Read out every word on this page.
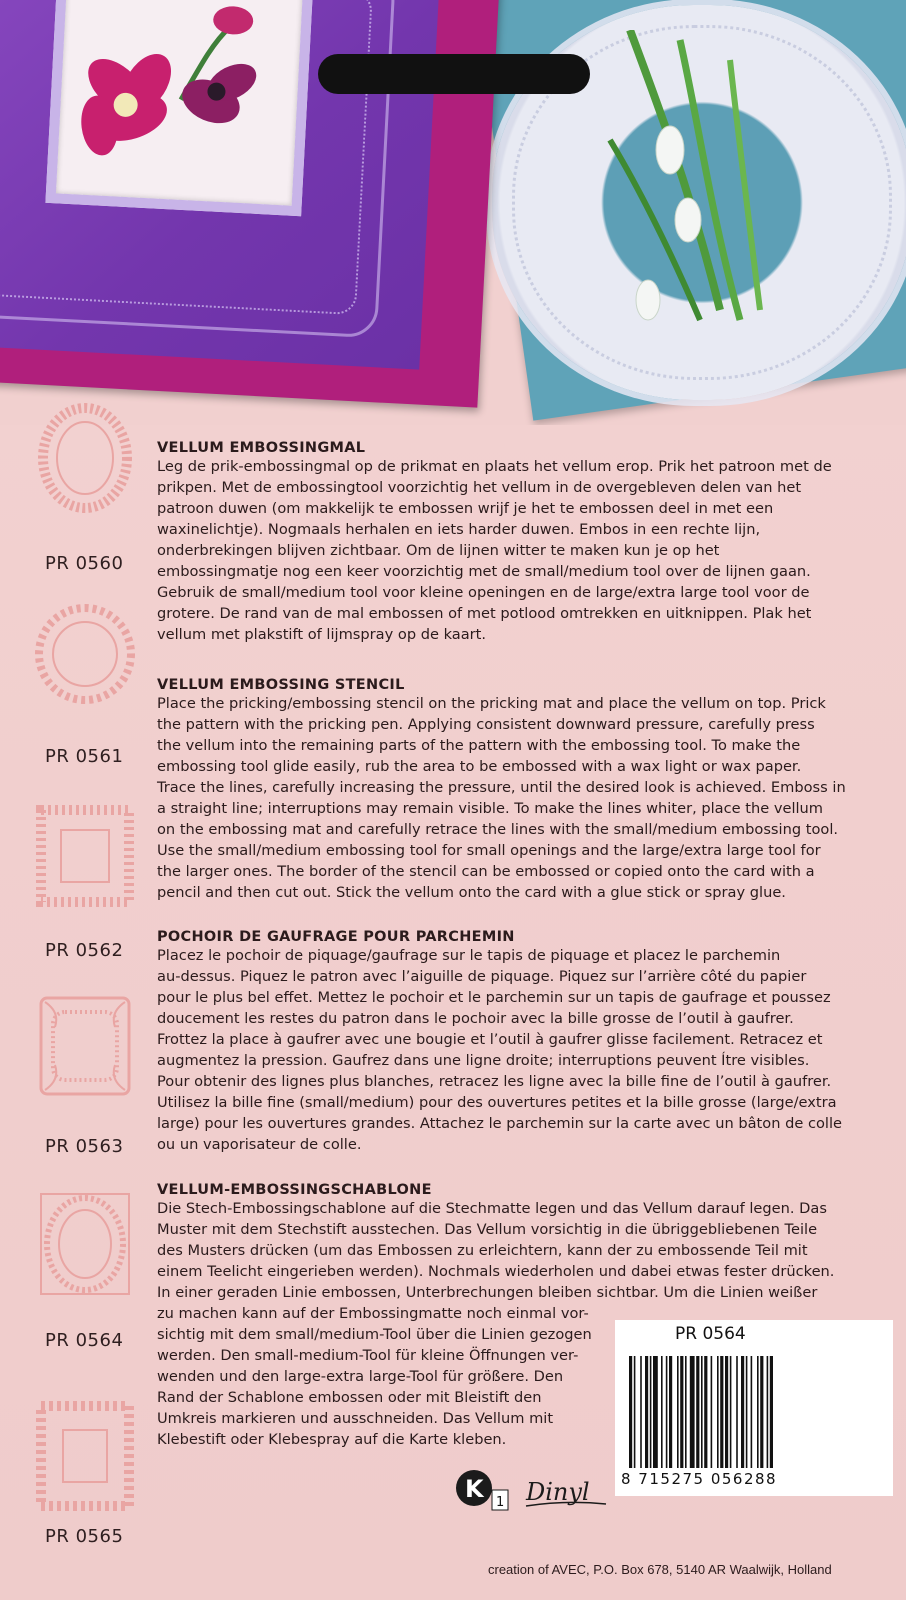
PR 0560
PR 0561
PR 0562
PR 0563
PR 0564
PR 0565
VELLUM EMBOSSINGMAL

Leg de prik-embossingmal op de prikmat en plaats het vellum erop. Prik het patroon met de
prikpen. Met de embossingtool voorzichtig het vellum in de overgebleven delen van het
patroon duwen (om makkelijk te embossen wrijf je het te embossen deel in met een
waxinelichtje). Nogmaals herhalen en iets harder duwen. Embos in een rechte lijn,
onderbrekingen blijven zichtbaar. Om de lijnen witter te maken kun je op het
embossingmatje nog een keer voorzichtig met de small/medium tool over de lijnen gaan.
Gebruik de small/medium tool voor kleine openingen en de large/extra large tool voor de
grotere. De rand van de mal embossen of met potlood omtrekken en uitknippen. Plak het
vellum met plakstift of lijmspray op de kaart.

VELLUM EMBOSSING STENCIL

Place the pricking/embossing stencil on the pricking mat and place the vellum on top. Prick
the pattern with the pricking pen. Applying consistent downward pressure, carefully press
the vellum into the remaining parts of the pattern with the embossing tool. To make the
embossing tool glide easily, rub the area to be embossed with a wax light or wax paper.
Trace the lines, carefully increasing the pressure, until the desired look is achieved. Emboss in
a straight line; interruptions may remain visible. To make the lines whiter, place the vellum
on the embossing mat and carefully retrace the lines with the small/medium embossing tool.
Use the small/medium embossing tool for small openings and the large/extra large tool for
the larger ones. The border of the stencil can be embossed or copied onto the card with a
pencil and then cut out. Stick the vellum onto the card with a glue stick or spray glue.

POCHOIR DE GAUFRAGE POUR PARCHEMIN

Placez le pochoir de piquage/gaufrage sur le tapis de piquage et placez le parchemin
au-dessus. Piquez le patron avec l’aiguille de piquage. Piquez sur l’arrière côté du papier
pour le plus bel effet. Mettez le pochoir et le parchemin sur un tapis de gaufrage et poussez
doucement les restes du patron dans le pochoir avec la bille grosse de l’outil à gaufrer.
Frottez la place à gaufrer avec une bougie et l’outil à gaufrer glisse facilement. Retracez et
augmentez la pression. Gaufrez dans une ligne droite; interruptions peuvent Ítre visibles.
Pour obtenir des lignes plus blanches, retracez les ligne avec la bille fine de l’outil à gaufrer.
Utilisez la bille fine (small/medium) pour des ouvertures petites et la bille grosse (large/extra
large) pour les ouvertures grandes. Attachez le parchemin sur la carte avec un bâton de colle
ou un vaporisateur de colle.

VELLUM-EMBOSSINGSCHABLONE

Die Stech-Embossingschablone auf die Stechmatte legen und das Vellum darauf legen. Das
Muster mit dem Stechstift ausstechen. Das Vellum vorsichtig in die übriggebliebenen Teile
des Musters drücken (um das Embossen zu erleichtern, kann der zu embossende Teil mit
einem Teelicht eingerieben werden). Nochmals wiederholen und dabei etwas fester drücken.
In einer geraden Linie embossen, Unterbrechungen bleiben sichtbar. Um die Linien weißer
zu machen kann auf der Embossingmatte noch einmal vor-
sichtig mit dem small/medium-Tool über die Linien gezogen
werden. Den small-medium-Tool für kleine Öffnungen ver-
wenden und den large-extra large-Tool für größere. Den
Rand der Schablone embossen oder mit Bleistift den
Umkreis markieren und ausschneiden. Das Vellum mit
Klebestift oder Klebespray auf die Karte kleben.

PR 0564
8 715275 056288
K 1 Dinyl
creation of AVEC, P.O. Box 678, 5140 AR Waalwijk, Holland
